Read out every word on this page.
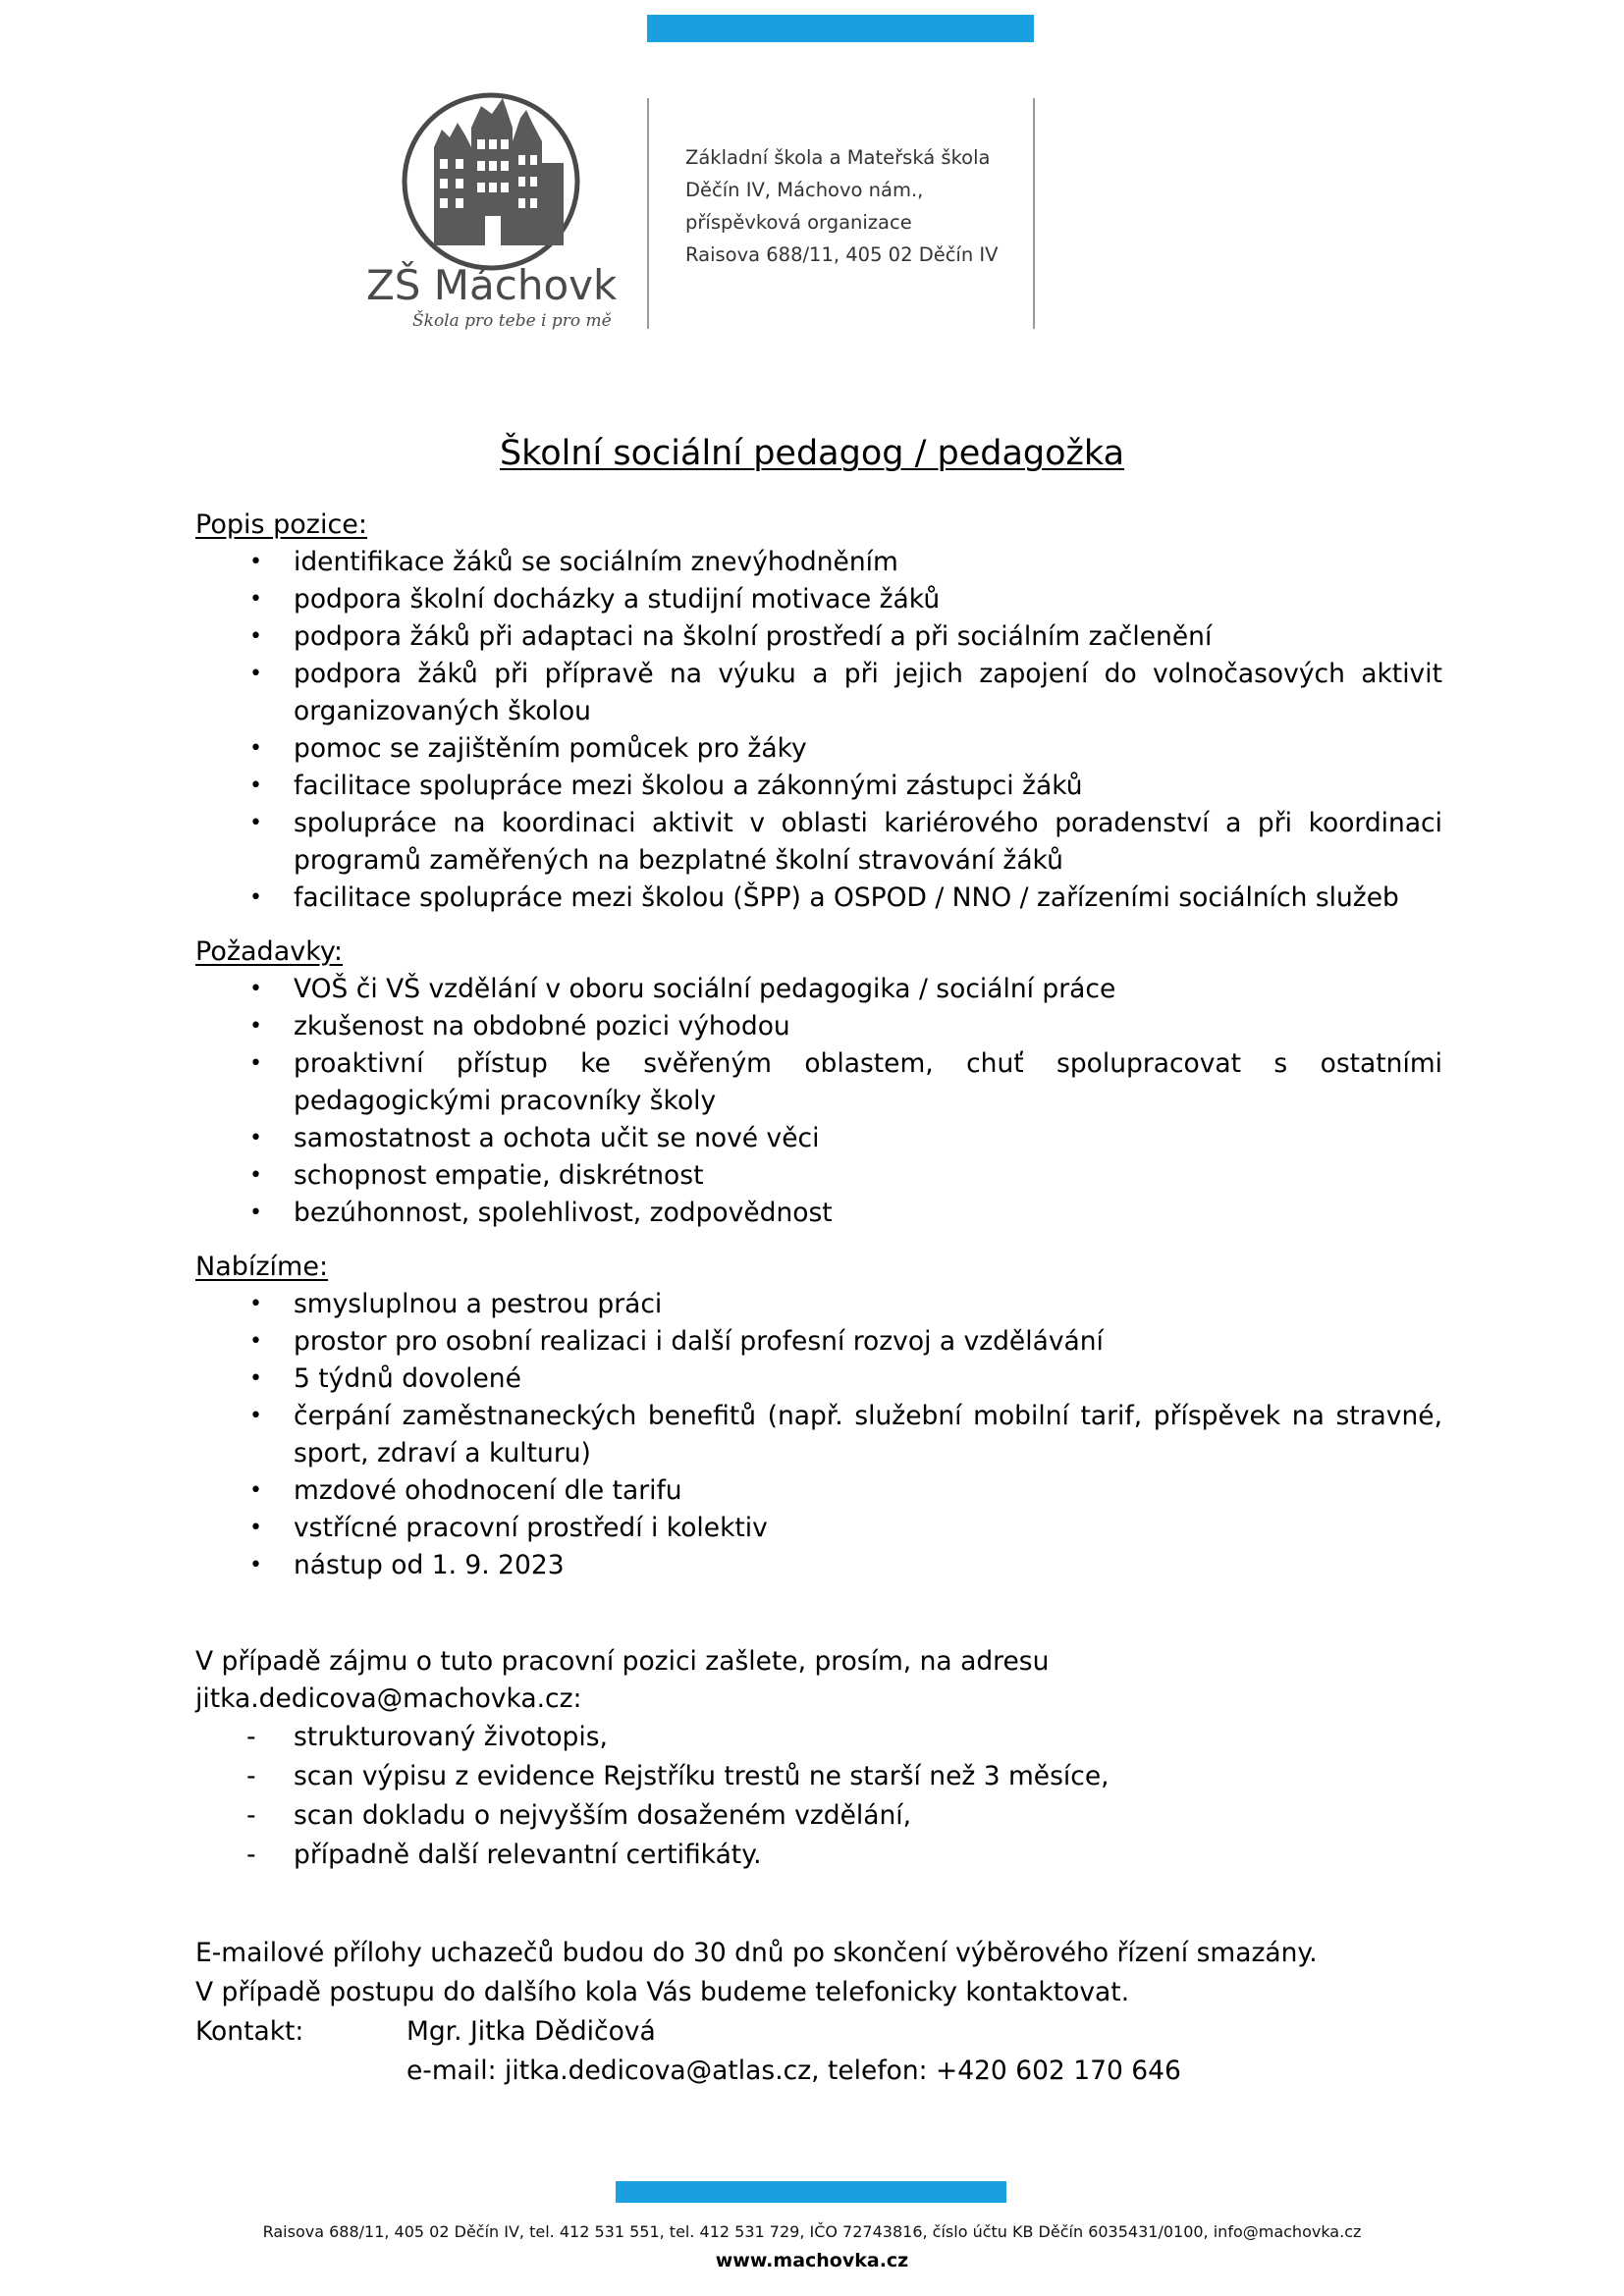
ZŠ Máchovka
Škola pro tebe i pro mě
Základní škola a Mateřská škola
Děčín IV, Máchovo nám.,
příspěvková organizace
Raisova 688/11, 405 02 Děčín IV
Školní sociální pedagog / pedagožka
Popis pozice:
• identifikace žáků se sociálním znevýhodněním
• podpora školní docházky a studijní motivace žáků
• podpora žáků při adaptaci na školní prostředí a při sociálním začlenění
• podpora žáků při přípravě na výuku a při jejich zapojení do volnočasových aktivit organizovaných školou
• pomoc se zajištěním pomůcek pro žáky
• facilitace spolupráce mezi školou a zákonnými zástupci žáků
• spolupráce na koordinaci aktivit v oblasti kariérového poradenství a při koordinaci programů zaměřených na bezplatné školní stravování žáků
• facilitace spolupráce mezi školou (ŠPP) a OSPOD / NNO / zařízeními sociálních služeb
Požadavky:
• VOŠ či VŠ vzdělání v oboru sociální pedagogika / sociální práce
• zkušenost na obdobné pozici výhodou
• proaktivní přístup ke svěřeným oblastem, chuť spolupracovat s ostatními pedagogickými pracovníky školy
• samostatnost a ochota učit se nové věci
• schopnost empatie, diskrétnost
• bezúhonnost, spolehlivost, zodpovědnost
Nabízíme:
• smysluplnou a pestrou práci
• prostor pro osobní realizaci i další profesní rozvoj a vzdělávání
• 5 týdnů dovolené
• čerpání zaměstnaneckých benefitů (např. služební mobilní tarif, příspěvek na stravné, sport, zdraví a kulturu)
• mzdové ohodnocení dle tarifu
• vstřícné pracovní prostředí i kolektiv
• nástup od 1. 9. 2023
V případě zájmu o tuto pracovní pozici zašlete, prosím, na adresu jitka.dedicova@machovka.cz:
- strukturovaný životopis,
- scan výpisu z evidence Rejstříku trestů ne starší než 3 měsíce,
- scan dokladu o nejvyšším dosaženém vzdělání,
- případně další relevantní certifikáty.
E-mailové přílohy uchazečů budou do 30 dnů po skončení výběrového řízení smazány.
V případě postupu do dalšího kola Vás budeme telefonicky kontaktovat.
Kontakt:	Mgr. Jitka Dědičová
e-mail: jitka.dedicova@atlas.cz, telefon: +420 602 170 646
Raisova 688/11, 405 02 Děčín IV, tel. 412 531 551, tel. 412 531 729, IČO 72743816, číslo účtu KB Děčín 6035431/0100, info@machovka.cz
www.machovka.cz
